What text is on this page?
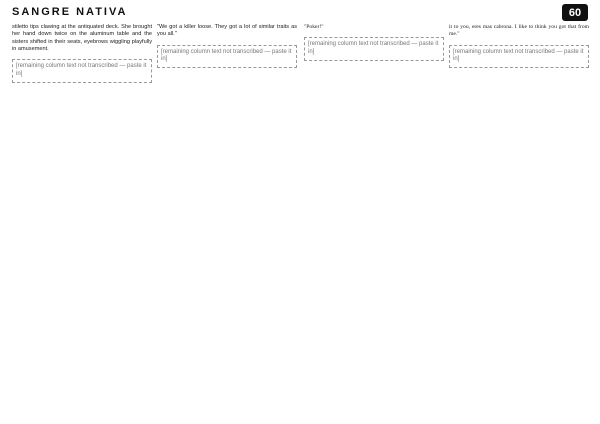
SANGRE NATIVA	60

stiletto tips clawing at the antiquated deck. She brought her hand down twice on the aluminum table and the sisters shifted in their seats, eyebrows wiggling playfully in amusement.

[remaining column text not transcribed — paste it in]

"We got a killer loose. They got a lot of similar traits as you all."

[remaining column text not transcribed — paste it in]

"Poker!"

[remaining column text not transcribed — paste it in]

it to you, eres mas cabrona. I like to think you got that from me."

[remaining column text not transcribed — paste it in]
